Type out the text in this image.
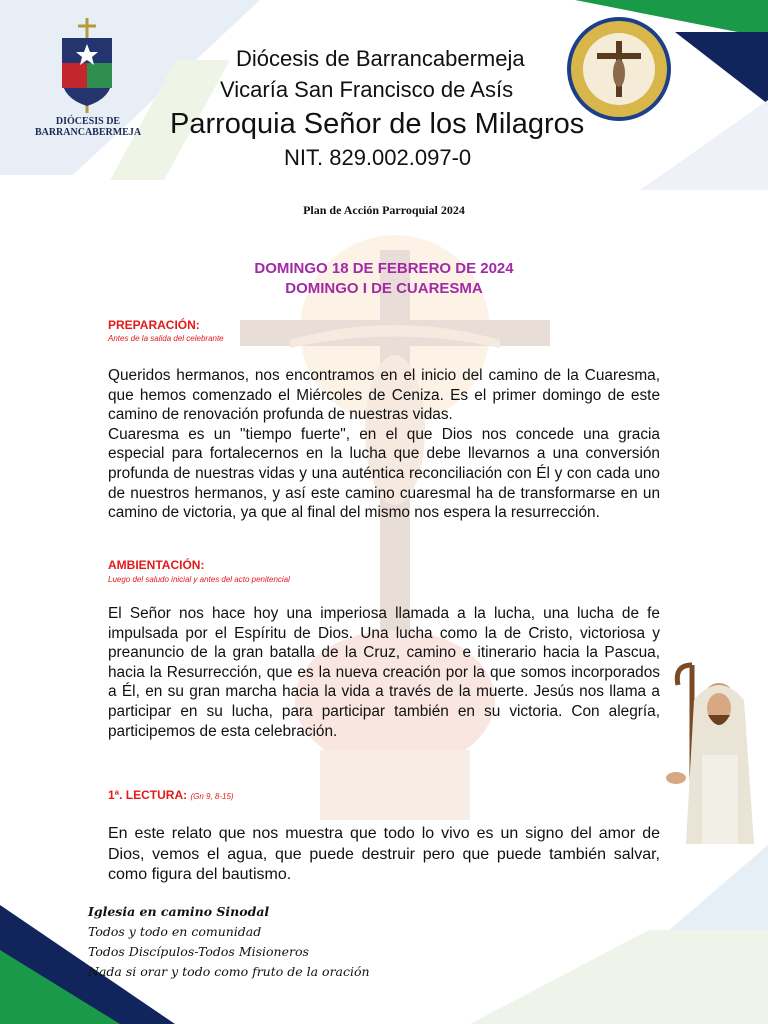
DIÓCESIS DE
BARRANCABERMEJA
Diócesis de Barrancabermeja
Vicaría San Francisco de Asís
Parroquia Señor de los Milagros
NIT. 829.002.097-0
Plan de Acción Parroquial 2024
DOMINGO 18 DE FEBRERO DE 2024
DOMINGO I DE CUARESMA
PREPARACIÓN:
Antes de la salida del celebrante

Queridos hermanos, nos encontramos en el inicio del camino de la Cuaresma, que hemos comenzado el Miércoles de Ceniza. Es el primer domingo de este camino de renovación profunda de nuestras vidas.

Cuaresma es un "tiempo fuerte", en el que Dios nos concede una gracia especial para fortalecernos en la lucha que debe llevarnos a una conversión profunda de nuestras vidas y una auténtica reconciliación con Él y con cada uno de nuestros hermanos, y así este camino cuaresmal ha de transformarse en un camino de victoria, ya que al final del mismo nos espera la resurrección.

AMBIENTACIÓN:
Luego del saludo inicial y antes del acto penitencial

El Señor nos hace hoy una imperiosa llamada a la lucha, una lucha de fe impulsada por el Espíritu de Dios. Una lucha como la de Cristo, victoriosa y preanuncio de la gran batalla de la Cruz, camino e itinerario hacia la Pascua, hacia la Resurrección, que es la nueva creación por la que somos incorporados a Él, en su gran marcha hacia la vida a través de la muerte. Jesús nos llama a participar en su lucha, para participar también en su victoria. Con alegría, participemos de esta celebración.

1ª. LECTURA: (Gn 9, 8-15)

En este relato que nos muestra que todo lo vivo es un signo del amor de Dios, vemos el agua, que puede destruir pero que puede también salvar, como figura del bautismo.

Iglesia en camino Sinodal
Todos y todo en comunidad
Todos Discípulos-Todos Misioneros
Nada si orar y todo como fruto de la oración
